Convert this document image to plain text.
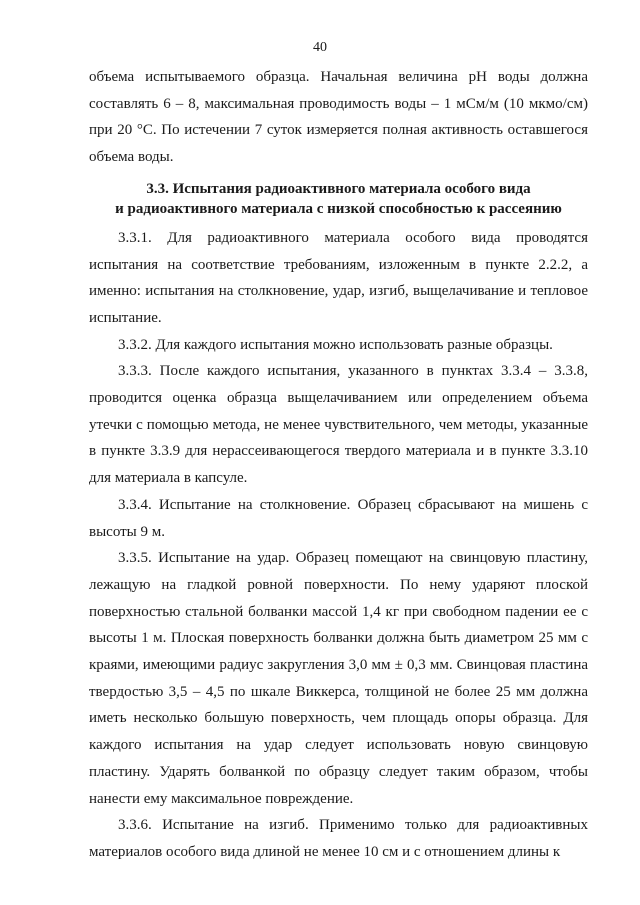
40

объема испытываемого образца. Начальная величина pH воды должна составлять 6 – 8, максимальная проводимость воды – 1 мСм/м (10 мкмо/см) при 20 °С. По истечении 7 суток измеряется полная активность оставшегося объема воды.

3.3. Испытания радиоактивного материала особого вида
и радиоактивного материала с низкой способностью к рассеянию

3.3.1. Для радиоактивного материала особого вида проводятся испытания на соответствие требованиям, изложенным в пункте 2.2.2, а именно: испытания на столкновение, удар, изгиб, выщелачивание и тепловое испытание.

3.3.2. Для каждого испытания можно использовать разные образцы.

3.3.3. После каждого испытания, указанного в пунктах 3.3.4 – 3.3.8, проводится оценка образца выщелачиванием или определением объема утечки с помощью метода, не менее чувствительного, чем методы, указанные в пункте 3.3.9 для нерассеивающегося твердого материала и в пункте 3.3.10 для материала в капсуле.

3.3.4. Испытание на столкновение. Образец сбрасывают на мишень с высоты 9 м.

3.3.5. Испытание на удар. Образец помещают на свинцовую пластину, лежащую на гладкой ровной поверхности. По нему ударяют плоской поверхностью стальной болванки массой 1,4 кг при свободном падении ее с высоты 1 м. Плоская поверхность болванки должна быть диаметром 25 мм с краями, имеющими радиус закругления 3,0 мм ± 0,3 мм. Свинцовая пластина твердостью 3,5 – 4,5 по шкале Виккерса, толщиной не более 25 мм должна иметь несколько большую поверхность, чем площадь опоры образца. Для каждого испытания на удар следует использовать новую свинцовую пластину. Ударять болванкой по образцу следует таким образом, чтобы нанести ему максимальное повреждение.

3.3.6. Испытание на изгиб. Применимо только для радиоактивных материалов особого вида длиной не менее 10 см и с отношением длины к
